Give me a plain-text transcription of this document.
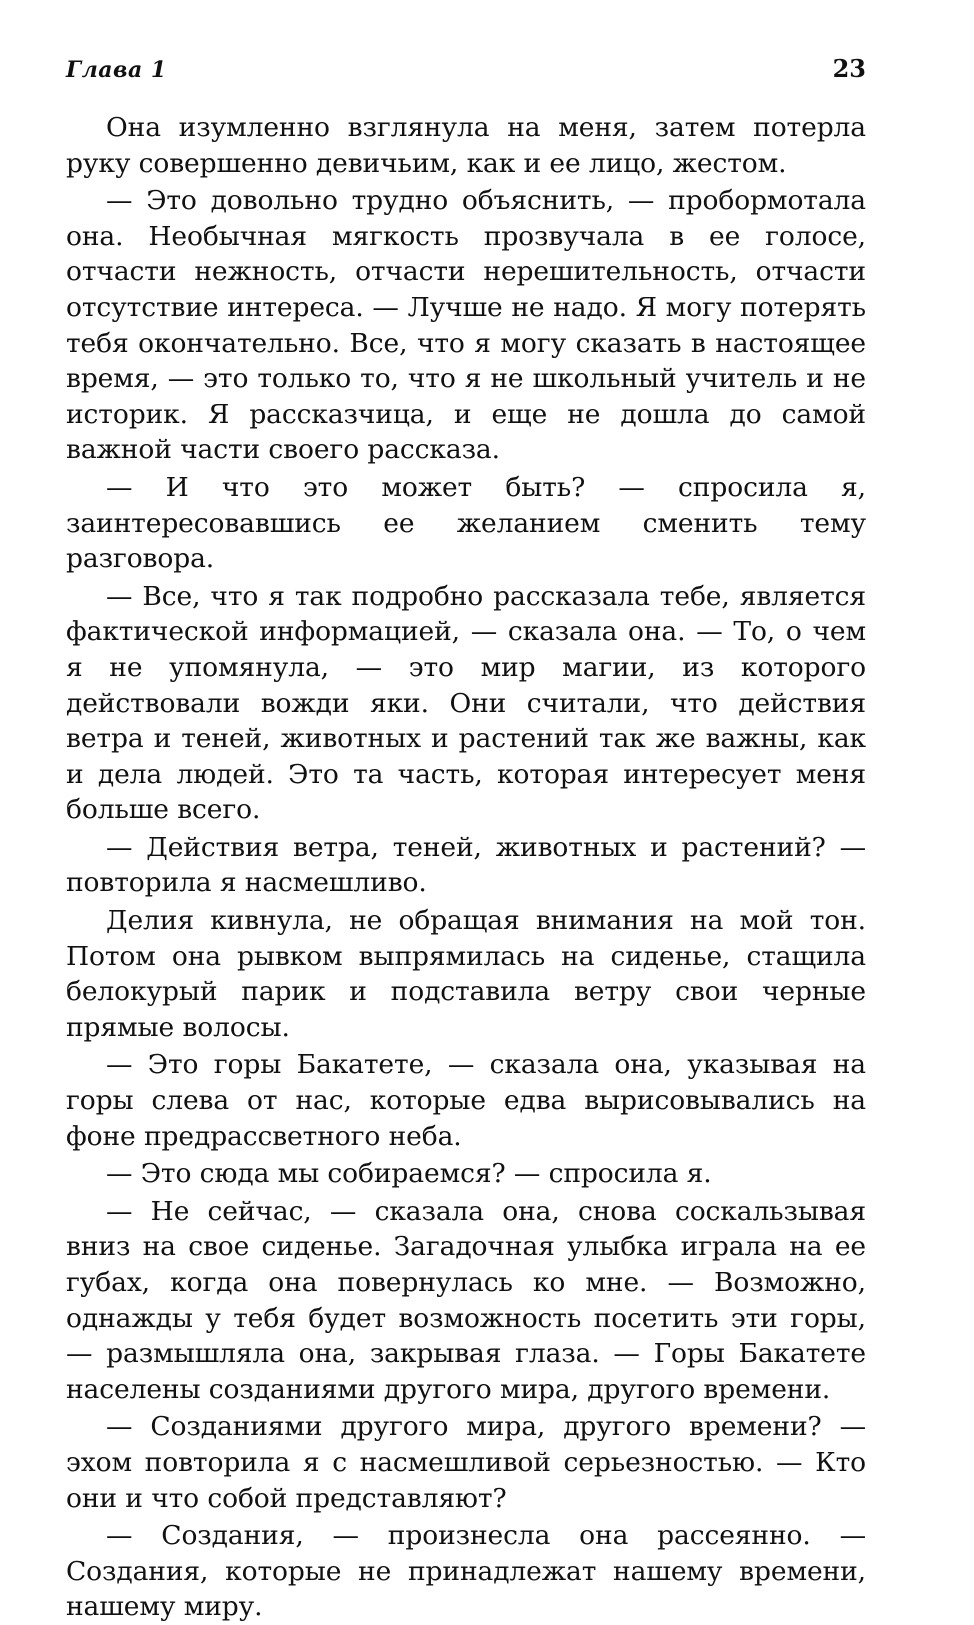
Глава 1	23

Она изумленно взглянула на меня, затем потерла руку совершенно девичьим, как и ее лицо, жестом.

— Это довольно трудно объяснить, — пробормотала она. Необычная мягкость прозвучала в ее голосе, отчасти нежность, отчасти нерешительность, отчасти отсутствие интереса. — Лучше не надо. Я могу потерять тебя окончательно. Все, что я могу сказать в настоящее время, — это только то, что я не школьный учитель и не историк. Я рассказчица, и еще не дошла до самой важной части своего рассказа.

— И что это может быть? — спросила я, заинтересовавшись ее желанием сменить тему разговора.

— Все, что я так подробно рассказала тебе, является фактической информацией, — сказала она. — То, о чем я не упомянула, — это мир магии, из которого действовали вожди яки. Они считали, что действия ветра и теней, животных и растений так же важны, как и дела людей. Это та часть, которая интересует меня больше всего.

— Действия ветра, теней, животных и растений? — повторила я насмешливо.

Делия кивнула, не обращая внимания на мой тон. Потом она рывком выпрямилась на сиденье, стащила белокурый парик и подставила ветру свои черные прямые волосы.

— Это горы Бакатете, — сказала она, указывая на горы слева от нас, которые едва вырисовывались на фоне предрассветного неба.

— Это сюда мы собираемся? — спросила я.

— Не сейчас, — сказала она, снова соскальзывая вниз на свое сиденье. Загадочная улыбка играла на ее губах, когда она повернулась ко мне. — Возможно, однажды у тебя будет возможность посетить эти горы, — размышляла она, закрывая глаза. — Горы Бакатете населены созданиями другого мира, другого времени.

— Созданиями другого мира, другого времени? — эхом повторила я с насмешливой серьезностью. — Кто они и что собой представляют?

— Создания, — произнесла она рассеянно. — Создания, которые не принадлежат нашему времени, нашему миру.
